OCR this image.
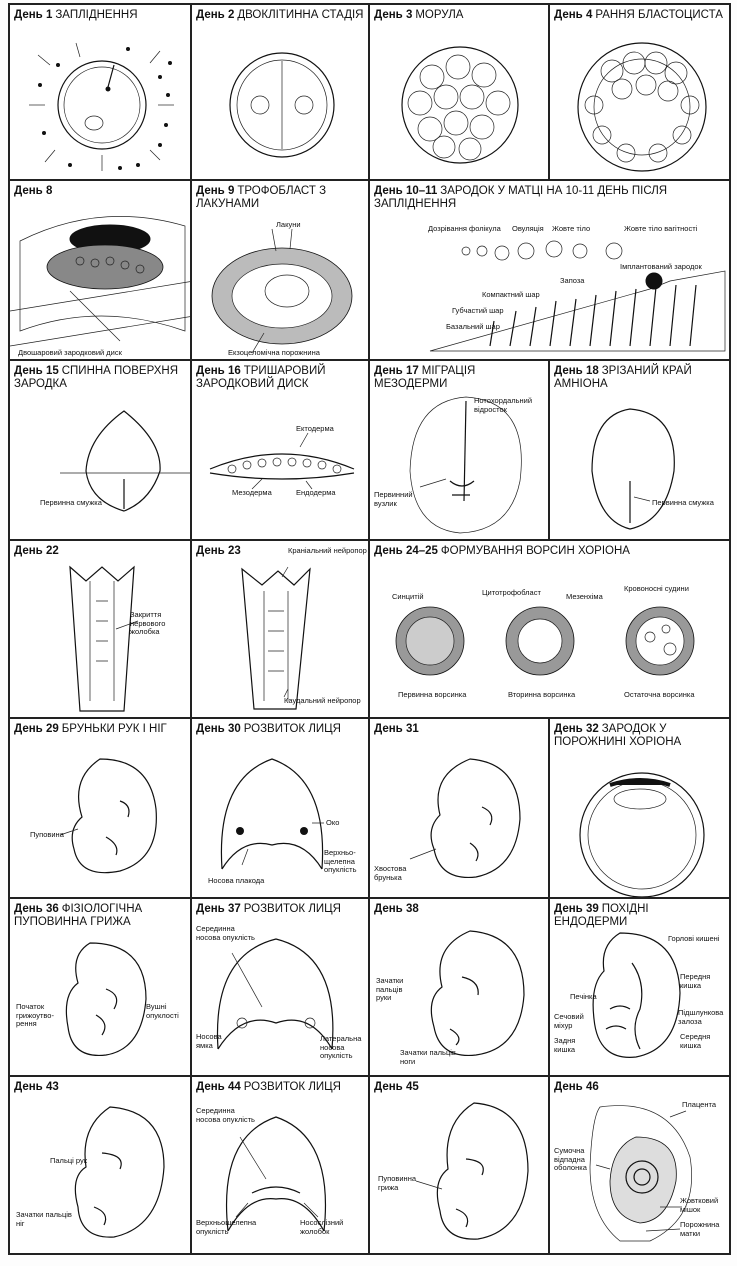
День 1 ЗАПЛІДНЕННЯ	День 2 ДВОКЛІТИННА СТАДІЯ День 3 МОРУЛА	День 4 РАННЯ БЛАСТОЦИСТА
День 8
Двошаровий зародковий диск
День 9 ТРОФОБЛАСТ З ЛАКУНАМИ
Лакуни
Екзоцеломічна порожнина
День 10–11 ЗАРОДОК У МАТЦІ НА 10-11 ДЕНЬ ПІСЛЯ ЗАПЛІДНЕННЯ
Дозрівання фолікула Овуляція Жовте тіло	Жовте тіло вагітності
Імплантований зародок
Запоза
Компактний шар
Губчастий шар
Базальний шар
День 15 СПИННА ПОВЕРХНЯ ЗАРОДКА
Первинна смужка
День 16 ТРИШАРОВИЙ ЗАРОДКОВИЙ ДИСК
Ектодерма
Мезодерма	Ендодерма
День 17 МІГРАЦІЯ МЕЗОДЕРМИ
Нотохордальний відросток
Первинний вузлик
День 18 ЗРІЗАНИЙ КРАЙ АМНІОНА
Первинна смужка
День 22
Закриття нервового жолобка
День 23	Краніальний нейропор
Каудальний нейропор
День 24–25 ФОРМУВАННЯ ВОРСИН ХОРІОНА
Синцитій	Цитотрофобласт	Мезенхіма
Кровоносні судини
Первинна ворсинка	Вторинна ворсинка	Остаточна ворсинка
День 29 БРУНЬКИ РУК І НІГ
Пуповина
День 30 РОЗВИТОК ЛИЦЯ
Око
Носова плакода
Верхньо-щелепна опуклість
День 31
Хвостова брунька
День 32 ЗАРОДОК У ПОРОЖНИНІ ХОРІОНА
День 36 ФІЗІОЛОГІЧНА ПУПОВИННА ГРИЖА
Початок грижоутво-рення
Вушні опуклості
День 37 РОЗВИТОК ЛИЦЯ
Серединна носова опуклість
Носова ямка
Латеральна носова опуклість
День 38
Зачатки пальців руки
Зачатки пальців ноги
День 39 ПОХІДНІ ЕНДОДЕРМИ
Горлові кишені
Передня кишка
Печінка
Сечовий міхур
Підшлункова залоза
Задня кишка
Середня кишка
День 43
Пальці рук
Зачатки пальців ніг
День 44 РОЗВИТОК ЛИЦЯ
Серединна носова опуклість
Верхньощелепна опуклість
Носослізний жолобок
День 45
Пуповинна грижа
День 46
Плацента
Сумочна відпадна оболонка
Жовтковий мішок
Порожнина матки
